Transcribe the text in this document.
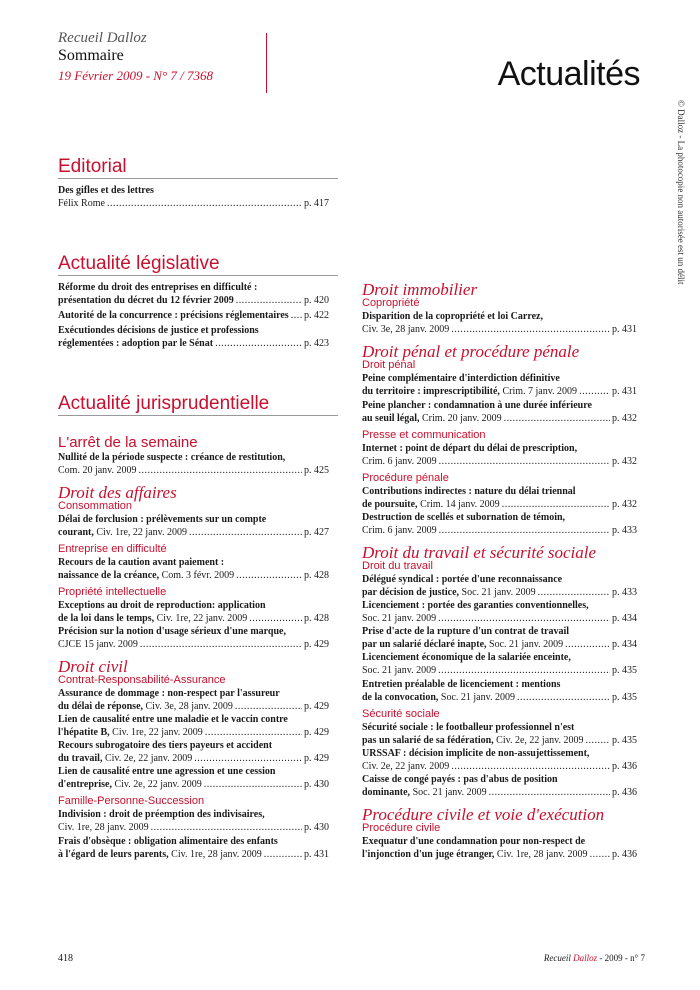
Recueil Dalloz
Sommaire
19 Février 2009 - N° 7 / 7368	Actualités
© Dalloz - La photocopie non autorisée est un délit
Editorial
Des gifles et des lettres
Félix Rome .....	p. 417
Actualité législative
Réforme du droit des entreprises en difficulté :
présentation du décret du 12 février 2009 .....	p. 420
Autorité de la concurrence : précisions réglementaires ..... p. 422
Exécutiondes décisions de justice et professions
réglementées : adoption par le Sénat .....	p. 423
Actualité jurisprudentielle
L'arrêt de la semaine
Nullité de la période suspecte : créance de restitution,
Com. 20 janv. 2009 .....	p. 425
Droit des affaires
Consommation
Délai de forclusion : prélèvements sur un compte
courant, Civ. 1re, 22 janv. 2009 .....	p. 427
Entreprise en difficulté
Recours de la caution avant paiement :
naissance de la créance, Com. 3 févr. 2009 .....	p. 428
Propriété intellectuelle
Exceptions au droit de reproduction: application
de la loi dans le temps, Civ. 1re, 22 janv. 2009 .....	p. 428
Précision sur la notion d'usage sérieux d'une marque,
CJCE 15 janv. 2009 .....	p. 429
Droit civil
Contrat-Responsabilité-Assurance
Assurance de dommage : non-respect par l'assureur
du délai de réponse, Civ. 3e, 28 janv. 2009 .....	p. 429
Lien de causalité entre une maladie et le vaccin contre
l'hépatite B, Civ. 1re, 22 janv. 2009 .....	p. 429
Recours subrogatoire des tiers payeurs et accident
du travail, Civ. 2e, 22 janv. 2009 .....	p. 429
Lien de causalité entre une agression et une cession
d'entreprise, Civ. 2e, 22 janv. 2009 .....	p. 430
Famille-Personne-Succession
Indivision : droit de préemption des indivisaires,
Civ. 1re, 28 janv. 2009 .....	p. 430
Frais d'obsèque : obligation alimentaire des enfants
à l'égard de leurs parents, Civ. 1re, 28 janv. 2009 .....	p. 431
Droit immobilier
Copropriété
Disparition de la copropriété et loi Carrez,
Civ. 3e, 28 janv. 2009 .....	p. 431
Droit pénal et procédure pénale
Droit pénal
Peine complémentaire d'interdiction définitive
du territoire : imprescriptibilité, Crim. 7 janv. 2009 .....	p. 431
Peine plancher : condamnation à une durée inférieure
au seuil légal, Crim. 20 janv. 2009 .....	p. 432
Presse et communication
Internet : point de départ du délai de prescription,
Crim. 6 janv. 2009 .....	p. 432
Procédure pénale
Contributions indirectes : nature du délai triennal
de poursuite, Crim. 14 janv. 2009 .....	p. 432
Destruction de scellés et subornation de témoin,
Crim. 6 janv. 2009 .....	p. 433
Droit du travail et sécurité sociale
Droit du travail
Délégué syndical : portée d'une reconnaissance
par décision de justice, Soc. 21 janv. 2009 .....	p. 433
Licenciement : portée des garanties conventionnelles,
Soc. 21 janv. 2009 .....	p. 434
Prise d'acte de la rupture d'un contrat de travail
par un salarié déclaré inapte, Soc. 21 janv. 2009 .....	p. 434
Licenciement économique de la salariée enceinte,
Soc. 21 janv. 2009 .....	p. 435
Entretien préalable de licenciement : mentions
de la convocation, Soc. 21 janv. 2009 .....	p. 435
Sécurité sociale
Sécurité sociale : le footballeur professionnel n'est
pas un salarié de sa fédération, Civ. 2e, 22 janv. 2009 .....	p. 435
URSSAF : décision implicite de non-assujettissement,
Civ. 2e, 22 janv. 2009 .....	p. 436
Caisse de congé payés : pas d'abus de position
dominante, Soc. 21 janv. 2009 .....	p. 436
Procédure civile et voie d'exécution
Procédure civile
Exequatur d'une condamnation pour non-respect de
l'injonction d'un juge étranger, Civ. 1re, 28 janv. 2009 ..... p. 436
418	Recueil Dalloz - 2009 - n° 7
